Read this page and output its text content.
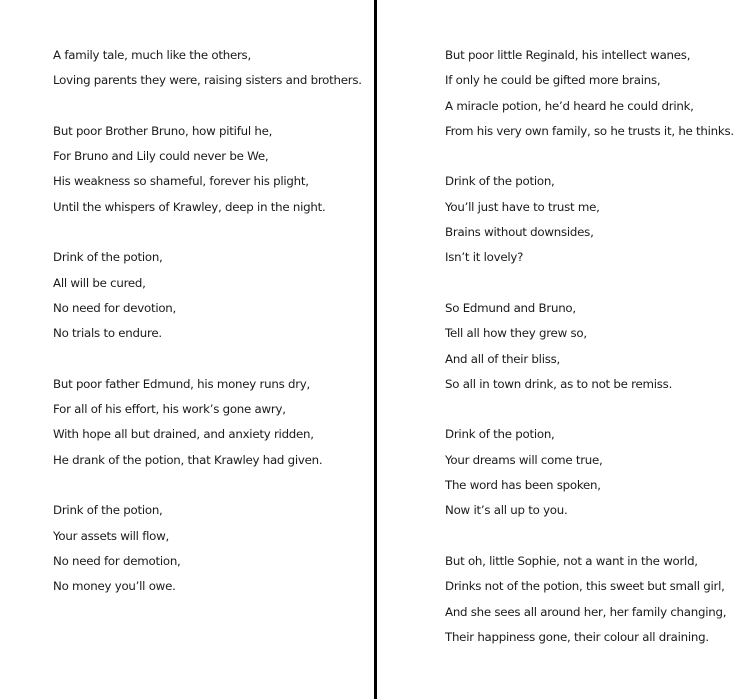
A family tale, much like the others,
Loving parents they were, raising sisters and brothers.
But poor Brother Bruno, how pitiful he,
For Bruno and Lily could never be We,
His weakness so shameful, forever his plight,
Until the whispers of Krawley, deep in the night.
Drink of the potion,
All will be cured,
No need for devotion,
No trials to endure.
But poor father Edmund, his money runs dry,
For all of his effort, his work’s gone awry,
With hope all but drained, and anxiety ridden,
He drank of the potion, that Krawley had given.
Drink of the potion,
Your assets will flow,
No need for demotion,
No money you’ll owe.
But poor little Reginald, his intellect wanes,
If only he could be gifted more brains,
A miracle potion, he’d heard he could drink,
From his very own family, so he trusts it, he thinks.
Drink of the potion,
You’ll just have to trust me,
Brains without downsides,
Isn’t it lovely?
So Edmund and Bruno,
Tell all how they grew so,
And all of their bliss,
So all in town drink, as to not be remiss.
Drink of the potion,
Your dreams will come true,
The word has been spoken,
Now it’s all up to you.
But oh, little Sophie, not a want in the world,
Drinks not of the potion, this sweet but small girl,
And she sees all around her, her family changing,
Their happiness gone, their colour all draining.
